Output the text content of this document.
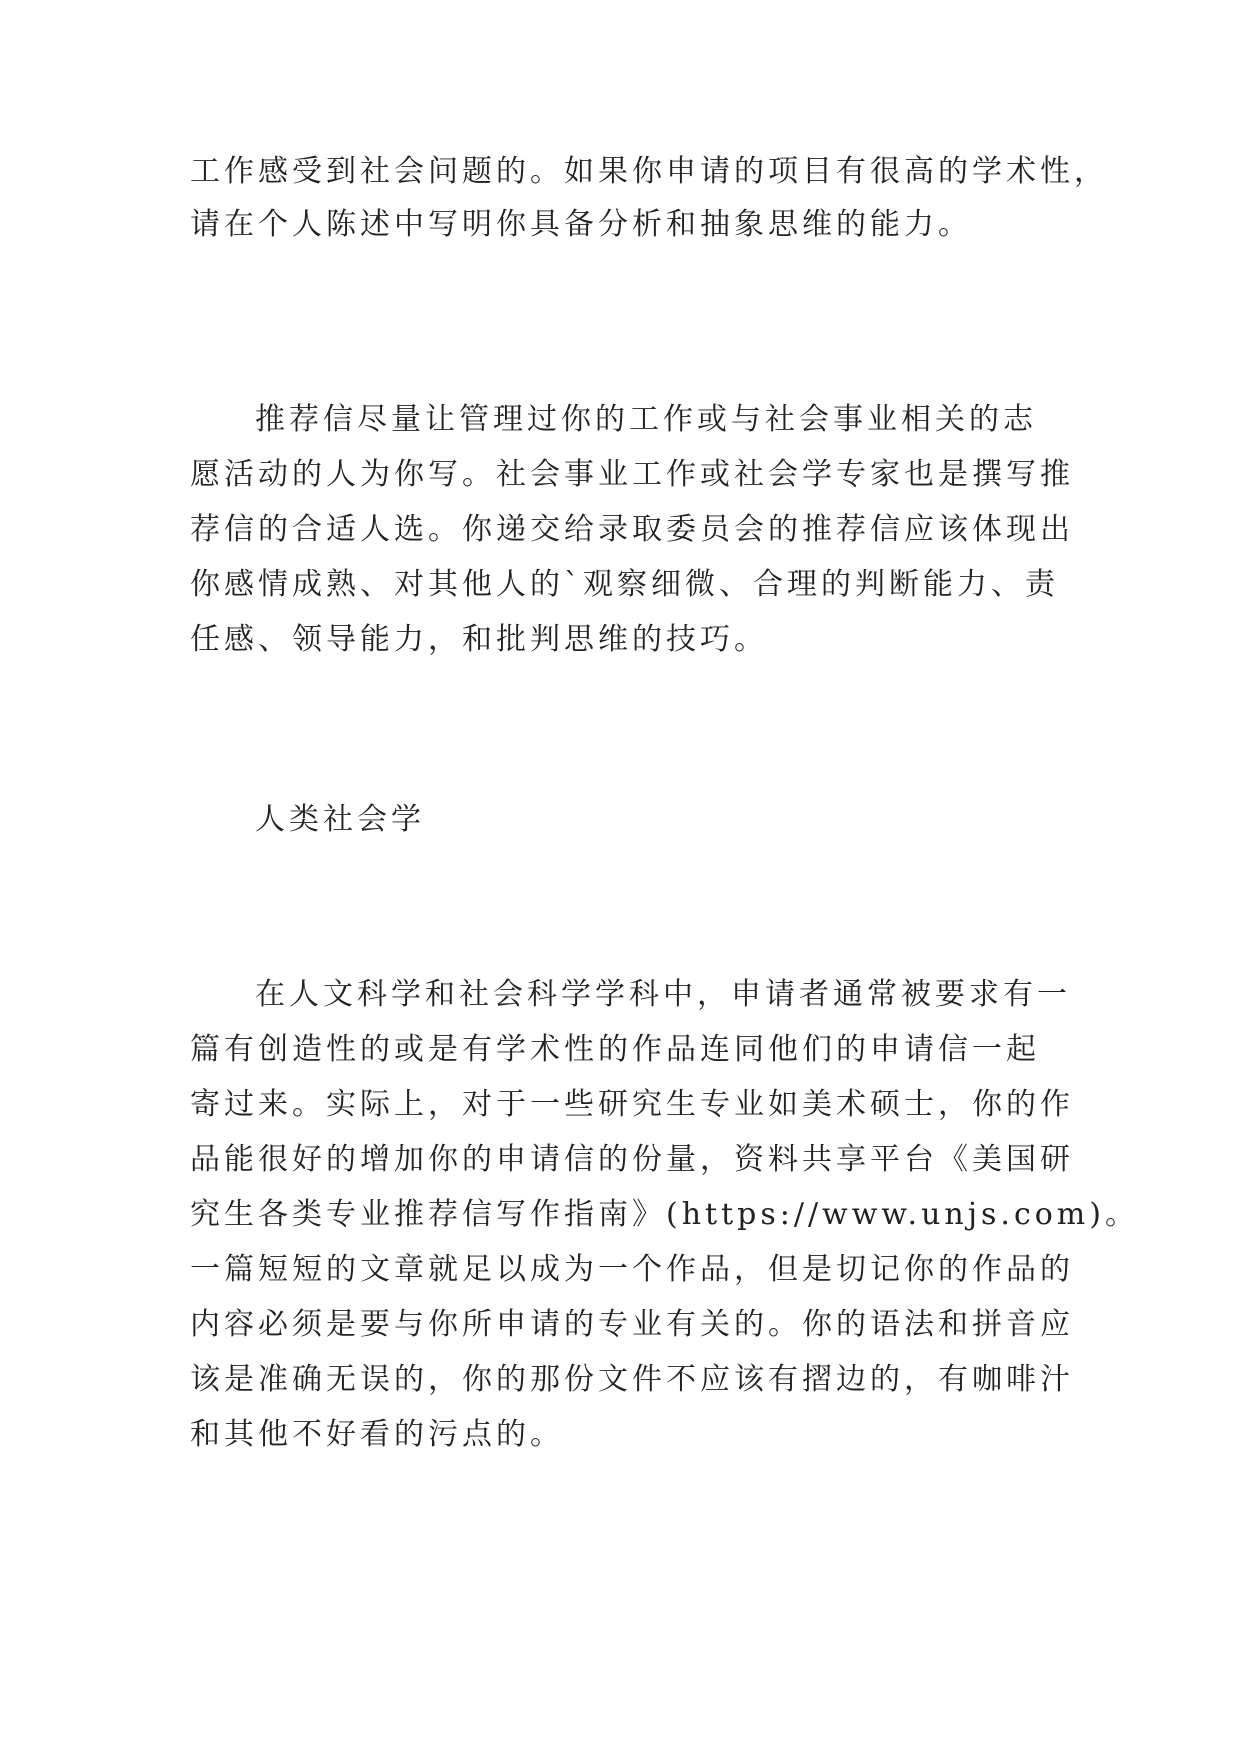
工作感受到社会问题的。如果你申请的项目有很高的学术性，

请在个人陈述中写明你具备分析和抽象思维的能力。

推荐信尽量让管理过你的工作或与社会事业相关的志

愿活动的人为你写。社会事业工作或社会学专家也是撰写推

荐信的合适人选。你递交给录取委员会的推荐信应该体现出

你感情成熟、对其他人的`观察细微、合理的判断能力、责

任感、领导能力，和批判思维的技巧。

人类社会学

在人文科学和社会科学学科中，申请者通常被要求有一

篇有创造性的或是有学术性的作品连同他们的申请信一起

寄过来。实际上，对于一些研究生专业如美术硕士，你的作

品能很好的增加你的申请信的份量，资料共享平台《美国研

究生各类专业推荐信写作指南》(https://www.unjs.com)。

一篇短短的文章就足以成为一个作品，但是切记你的作品的

内容必须是要与你所申请的专业有关的。你的语法和拼音应

该是准确无误的，你的那份文件不应该有摺边的，有咖啡汁

和其他不好看的污点的。
